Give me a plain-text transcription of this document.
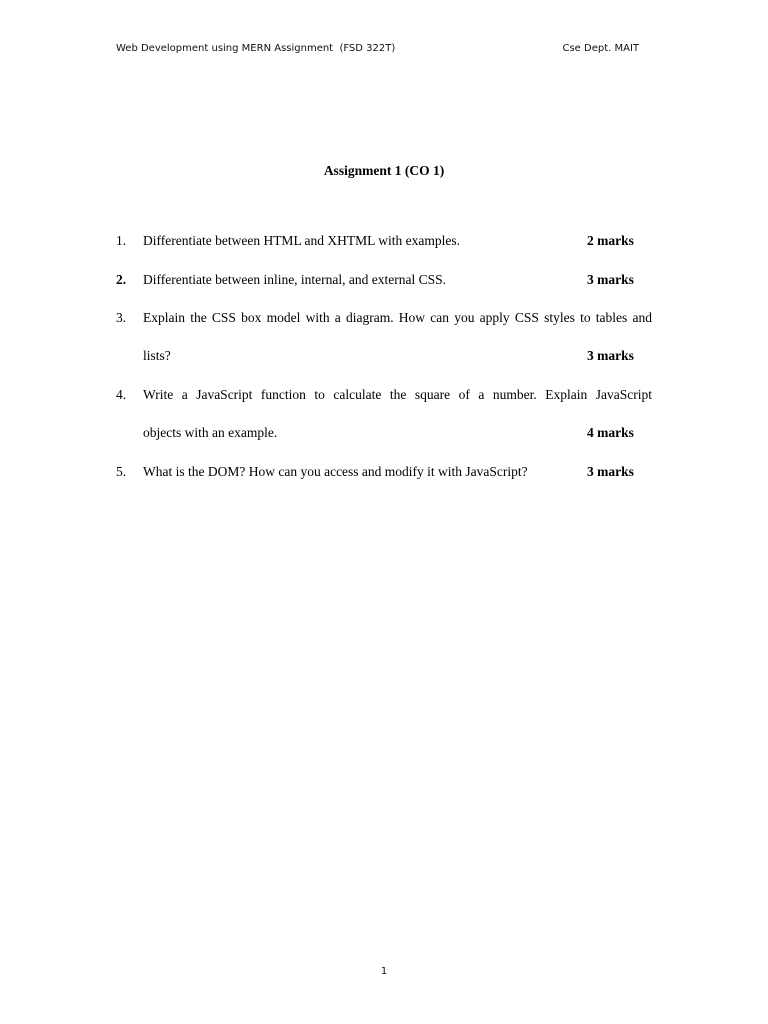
Web Development using MERN Assignment  (FSD 322T)	Cse Dept. MAIT
Assignment 1 (CO 1)
1. Differentiate between HTML and XHTML with examples.	2 marks
2. Differentiate between inline, internal, and external CSS.	3 marks
3. Explain the CSS box model with a diagram. How can you apply CSS styles to tables and
lists?	3 marks
4. Write a JavaScript function to calculate the square of a number. Explain JavaScript
objects with an example.	4 marks
5. What is the DOM? How can you access and modify it with JavaScript?	3 marks
1
